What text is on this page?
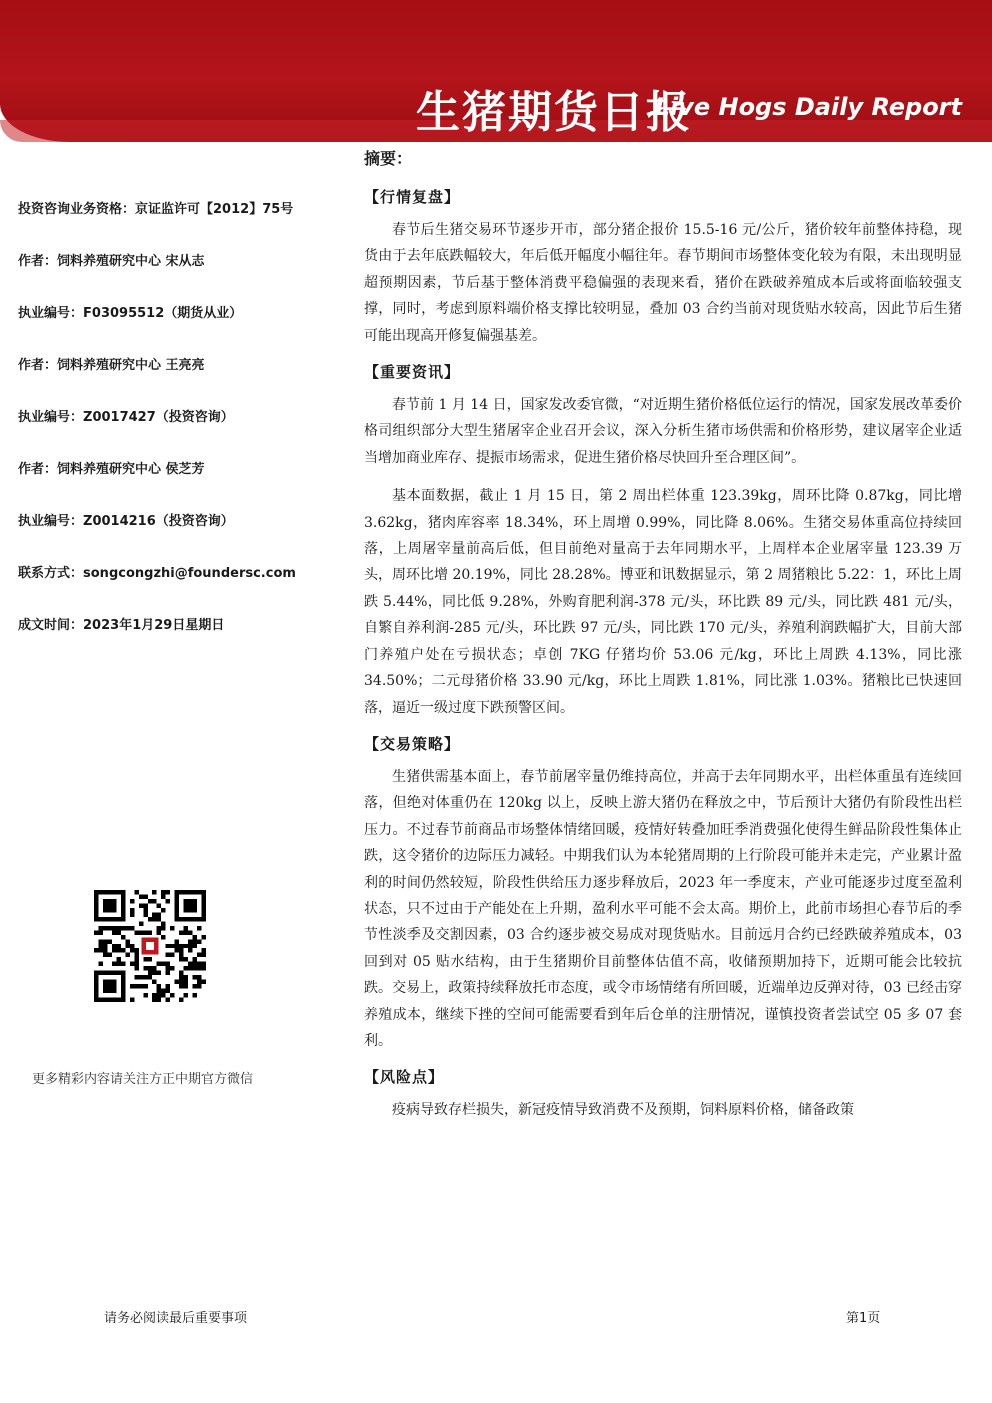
生猪期货日报
Live Hogs Daily Report
投资咨询业务资格：京证监许可【2012】75号
作者：饲料养殖研究中心 宋从志
执业编号：F03095512（期货从业）
作者：饲料养殖研究中心 王亮亮
执业编号：Z0017427（投资咨询）
作者：饲料养殖研究中心 侯芝芳
执业编号：Z0014216（投资咨询）
联系方式：songcongzhi@foundersc.com
成文时间：2023年1月29日星期日
更多精彩内容请关注方正中期官方微信

摘要：

【行情复盘】

春节后生猪交易环节逐步开市，部分猪企报价 15.5-16 元/公斤，猪价较年前整体持稳，现货由于去年底跌幅较大，年后低开幅度小幅往年。春节期间市场整体变化较为有限，未出现明显超预期因素，节后基于整体消费平稳偏强的表现来看，猪价在跌破养殖成本后或将面临较强支撑，同时，考虑到原料端价格支撑比较明显，叠加 03 合约当前对现货贴水较高，因此节后生猪可能出现高开修复偏强基差。

【重要资讯】

春节前 1 月 14 日，国家发改委官微，“对近期生猪价格低位运行的情况，国家发展改革委价格司组织部分大型生猪屠宰企业召开会议，深入分析生猪市场供需和价格形势，建议屠宰企业适当增加商业库存、提振市场需求，促进生猪价格尽快回升至合理区间”。

基本面数据，截止 1 月 15 日，第 2 周出栏体重 123.39kg，周环比降 0.87kg，同比增 3.62kg，猪肉库容率 18.34%，环上周增 0.99%，同比降 8.06%。生猪交易体重高位持续回落，上周屠宰量前高后低，但目前绝对量高于去年同期水平，上周样本企业屠宰量 123.39 万头，周环比增 20.19%，同比 28.28%。博亚和讯数据显示，第 2 周猪粮比 5.22：1，环比上周跌 5.44%，同比低 9.28%，外购育肥利润-378 元/头，环比跌 89 元/头，同比跌 481 元/头，自繁自养利润-285 元/头，环比跌 97 元/头，同比跌 170 元/头，养殖利润跌幅扩大，目前大部门养殖户处在亏损状态；卓创 7KG 仔猪均价 53.06 元/kg，环比上周跌 4.13%，同比涨 34.50%；二元母猪价格 33.90 元/kg，环比上周跌 1.81%，同比涨 1.03%。猪粮比已快速回落，逼近一级过度下跌预警区间。

【交易策略】

生猪供需基本面上，春节前屠宰量仍维持高位，并高于去年同期水平，出栏体重虽有连续回落，但绝对体重仍在 120kg 以上，反映上游大猪仍在释放之中，节后预计大猪仍有阶段性出栏压力。不过春节前商品市场整体情绪回暖，疫情好转叠加旺季消费强化使得生鲜品阶段性集体止跌，这令猪价的边际压力减轻。中期我们认为本轮猪周期的上行阶段可能并未走完，产业累计盈利的时间仍然较短，阶段性供给压力逐步释放后，2023 年一季度末，产业可能逐步过度至盈利状态，只不过由于产能处在上升期，盈利水平可能不会太高。期价上，此前市场担心春节后的季节性淡季及交割因素，03 合约逐步被交易成对现货贴水。目前远月合约已经跌破养殖成本，03 回到对 05 贴水结构，由于生猪期价目前整体估值不高，收储预期加持下，近期可能会比较抗跌。交易上，政策持续释放托市态度，或令市场情绪有所回暖，近端单边反弹对待，03 已经击穿养殖成本，继续下挫的空间可能需要看到年后仓单的注册情况，谨慎投资者尝试空 05 多 07 套利。

【风险点】

疫病导致存栏损失，新冠疫情导致消费不及预期，饲料原料价格，储备政策

请务必阅读最后重要事项	第1页
